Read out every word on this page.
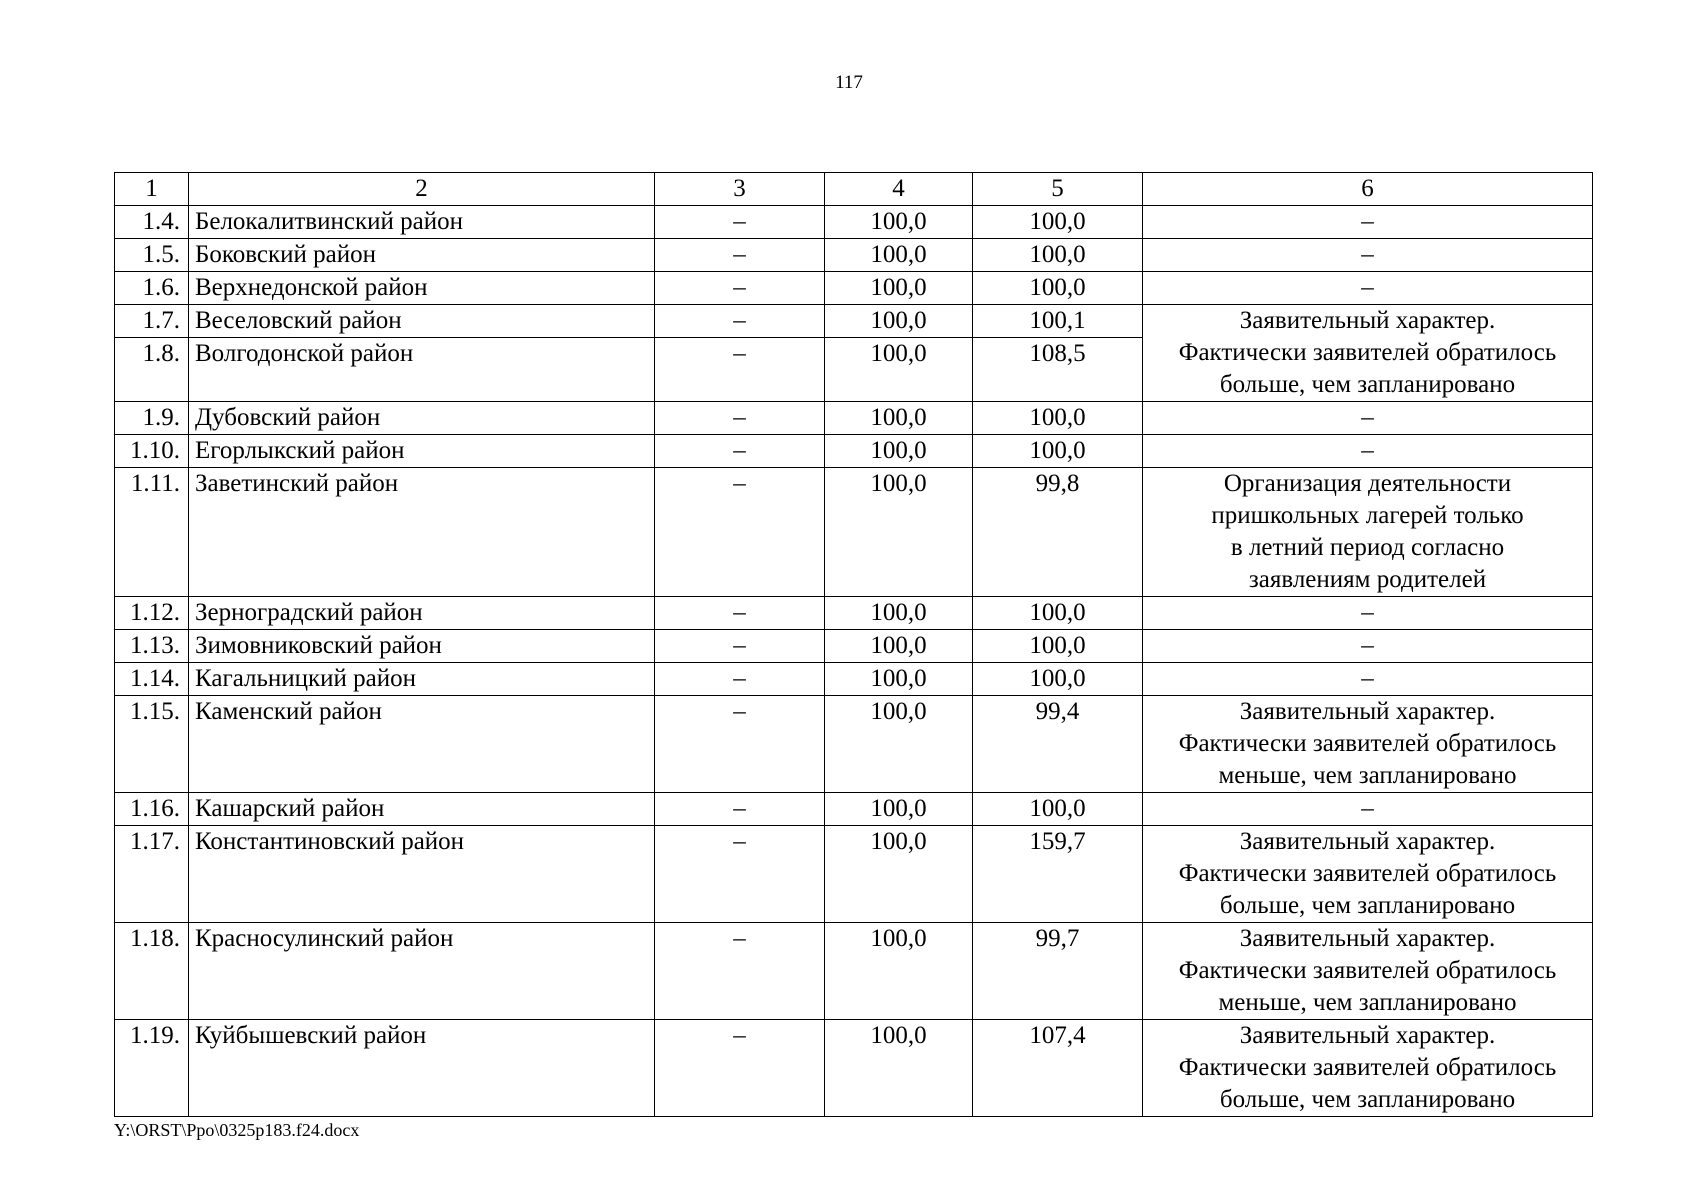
117
1	2	3	4	5	6
1.4.	Белокалитвинский район	–	100,0	100,0	–

1.5.	Боковский район	–	100,0	100,0	–

1.6.	Верхнедонской район	–	100,0	100,0	–

1.7.	Веселовский район	–	100,0	100,1	Заявительный характер.
Фактически заявителей обратилось
больше, чем запланировано

1.8.	Волгодонской район	–	100,0	108,5	
1.9.	Дубовский район	–	100,0	100,0	–

1.10.	Егорлыкский район	–	100,0	100,0	–

1.11.	Заветинский район	–	100,0	99,8	Организация деятельности
пришкольных лагерей только
в летний период согласно
заявлениям родителей

1.12.	Зерноградский район	–	100,0	100,0	–

1.13.	Зимовниковский район	–	100,0	100,0	–

1.14.	Кагальницкий район	–	100,0	100,0	–

1.15.	Каменский район	–	100,0	99,4	Заявительный характер.
Фактически заявителей обратилось
меньше, чем запланировано

1.16.	Кашарский район	–	100,0	100,0	–

1.17.	Константиновский район	–	100,0	159,7	Заявительный характер.
Фактически заявителей обратилось
больше, чем запланировано

1.18.	Красносулинский район	–	100,0	99,7	Заявительный характер.
Фактически заявителей обратилось
меньше, чем запланировано

1.19.	Куйбышевский район	–	100,0	107,4	Заявительный характер.
Фактически заявителей обратилось
больше, чем запланировано
Y:\ORST\Ppo\0325p183.f24.docx
